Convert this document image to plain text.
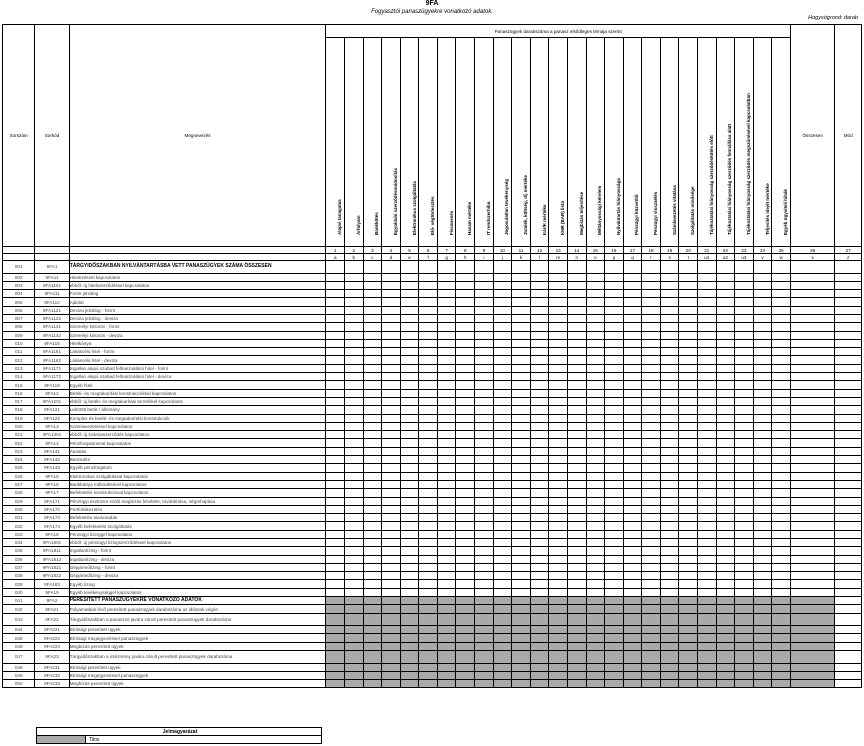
9FA
Fogyasztói panaszügyekre vonatkozó adatok.
Hogysógrond: darab
Sorszám	Sorkód	Megnevezés	Panaszügyek darabszáma a panasz elsődleges témája szerint																									Összesen	Mód

			Alapvi tanagatas	Árfolyam	Bankkötés	Egyoldalú szerződésmódosítás	Elektronikus szolgáltatás	Elő- végtörlesztés	Fiscanesés	Hasam mértéke	IT rendszerhiba	Jogosulatlan tevékenység	Jutalék, költség, díj mértéke	Kár/K mértéke	KHR (BAR) lista	Megbízás teljesítése	Méltányossági kérelem	Nyilvántartás hiányossága	Pénzügyi közvetítő	Pénzügyi visszaélés	Számlavezetés vitatása	Szolgáltatás minősége	Tájékoztatási hiányosság szerződéskötés előtt	Tájékoztatási hiányosság szerződés fennállása alatt	Tájékoztatási hiányosság szerződés megszűnésével kapcsolatban	Teljesítés idejét mértéke	Egyéb ügyviteli hibák		

			1	2	3	4	5	6	7	8	9	10	11	12	13	14	15	16	17	18	19	20	21	22	23	24	25	26	27
			a	b	c	d	e	f	g	h	i	j	k	l	m	n	o	p	q	r	s	t	u1	u2	u3	v	w	x	z
001	9FA1	TÁRGYIDŐSZAKBAN NYILVÁNTARTÁSBA VETT PANASZÜGYEK SZÁMA ÖSSZESEN																											
002	9FA11	Hitelezéssel kapcsolatos																											
003	9FA1101	ebből: új hitelszerződéssel kapcsolatos																											
004	9FA111	Forint jelzálog																											
005	9FA112	Ajánlat																											
006	9FA1121	Deviza jelzálog - forint																											
007	9FA1122	Deviza jelzálog - deviza																											
008	9FA1141	Személyi kölcsön - forint																											
009	9FA1142	Személyi kölcsön - deviza																											
010	9FA115	Hitelkártya																											
011	9FA1161	Lakáscélú hitel - forint																											
012	9FA1162	Lakáscélú hitel - deviza																											
013	9FA1171	Ingatlan alapú szabad felhasználású hitel - forint																											
014	9FA1172	Ingatlan alapú szabad felhasználású hitel - deviza																											
015	9FA118	Egyéb hitel																											
016	9FA12	Betéti- és megtakarítási konstrukciókkal kapcsolatos																											
017	9FA1201	ebből: új betéti- és megtakarítási termékkel kapcsolatos																											
018	9FA121	Lekötött betét / állomány																											
019	9FA122	Komplex és betéti- és megtakarítási konstrukciók																											
020	9FA13	Számlavezetéssel kapcsolatos																											
021	9FA1301	ebből: új számlaszerződés kapcsolatos																											
022	9FA14	Pénzforgalommal kapcsolatos																											
023	9FA141	Átutalás																											
024	9FA142	Beszedés																											
025	9FA143	Egyéb pénzforgalom																											
026	9FA15	Elektronikus szolgáltással kapcsolatos																											
027	9FA16	Bankkártya működésével kapcsolatos																											
028	9FA17	Befektetési konstrukcióval kapcsolatos																											
029	9FA171	Pénzügyi eszközre szóló megbízás felvétele, továbbítása, végrehajtása																											
030	9FA172	Portfoliókezelés																											
031	9FA173	Befektetési tanácsadás																											
032	9FA174	Egyéb befektetési szolgáltatás																											
033	9FA18	Pénzügyi lízinggel kapcsolatos																											
034	9FA1801	ebből: új pénzügyi lízingszerződéssel kapcsolatos																											
035	9FA1811	Ingatlanlízing - forint																											
036	9FA1812	Ingatlanlízing - deviza																											
037	9FA1821	Gépjárműlízing - forint																											
038	9FA1822	Gépjárműlízing - deviza																											
039	9FA183	Egyéb lízing																											
040	9FA19	Egyéb tevékenységgel kapcsolatos																											
041	9FA2	PERESÍTETT PANASZÜGYEKRE VONATKOZÓ ADATOK																											
042	9FA21	Folyamatban lévő peresített panaszügyek darabszáma az időszak végén																											
043	9FA22	Tárgyidőszakban a panaszos javára zárult peresített panaszügyek darabszáma																											
044	9FA221	Bírósági peresített ügyek																											
045	9FA222	Bírósági megegyezéssel panaszügyek																											
046	9FA223	Megbízás peresített ügyek																											
047	9FA23	Tárgyidőszakban a intézmény javára zárult peresített panaszügyek darabszáma																											
048	9FA231	Bírósági peresített ügyek																											
049	9FA232	Bírósági megegyezéssel panaszügyek																											
050	9FA233	Megbízás peresített ügyek																											
Jelmagyarázat
	Tilos
